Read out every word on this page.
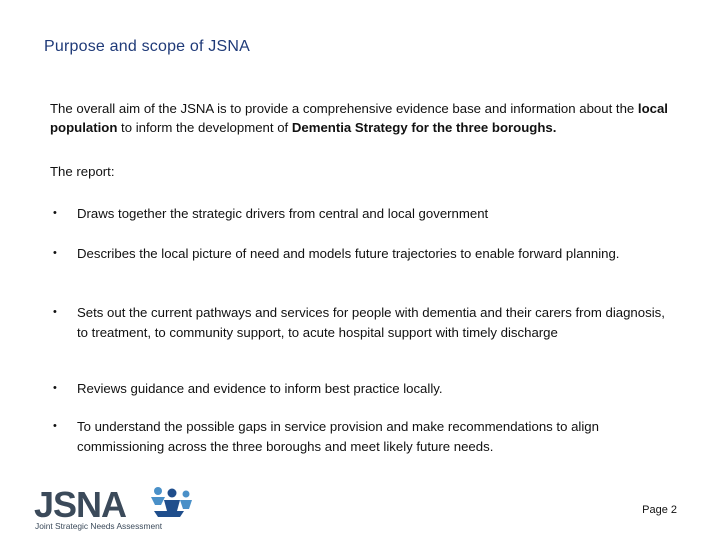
Purpose and scope of JSNA
The overall aim of the JSNA is to provide a comprehensive evidence base and information about the local population to inform the development of Dementia Strategy for the three boroughs.
The report:
• Draws together the strategic drivers from central and local government
• Describes the local picture of need and models future trajectories to enable forward planning.
• Sets out the current pathways and services for people with dementia and their carers from diagnosis, to treatment, to community support, to acute hospital support with timely discharge
• Reviews guidance and evidence to inform best practice locally.
• To understand the possible gaps in service provision and make recommendations to align commissioning across the three boroughs and meet likely future needs.
JSNA
Joint Strategic Needs Assessment
Page 2
